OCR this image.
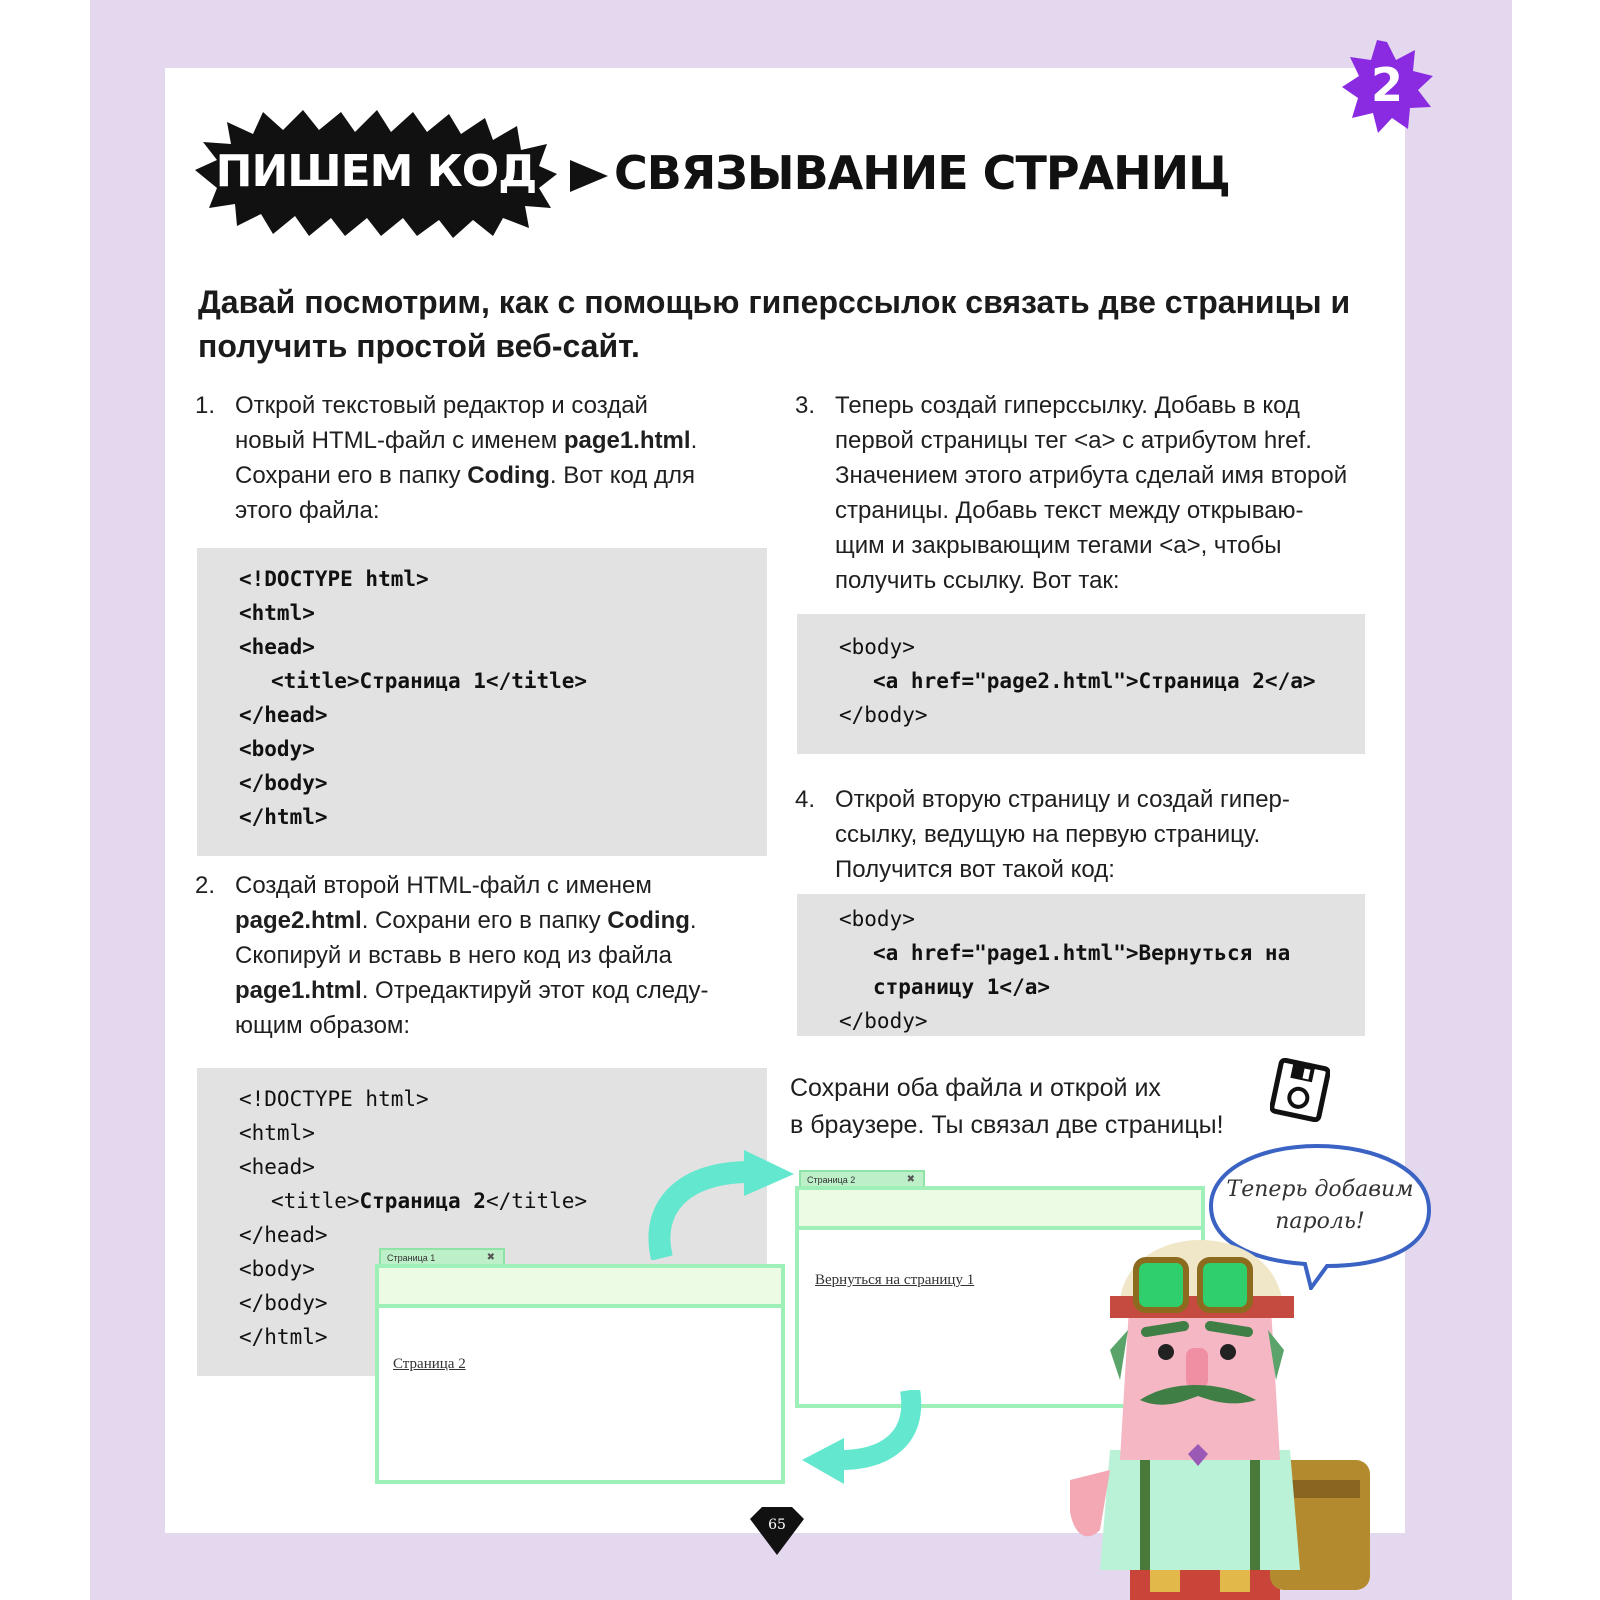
2
ПИШЕМ КОД	СВЯЗЫВАНИЕ СТРАНИЦ
Давай посмотрим, как с помощью гиперссылок связать две страницы и получить простой веб-сайт.
1. Открой текстовый редактор и создай
новый HTML-файл с именем page1.html.
Сохрани его в папку Coding. Вот код для
этого файла:
<!DOCTYPE html>
<html>
<head>
<title>Страница 1</title>
</head>
<body>
</body>
</html>
2. Создай второй HTML-файл с именем
page2.html. Сохрани его в папку Coding.
Скопируй и вставь в него код из файла
page1.html. Отредактируй этот код следу-
ющим образом:
<!DOCTYPE html>
<html>
<head>
<title>Страница 2</title>
</head>
<body>
</body>
</html>
3. Теперь создай гиперссылку. Добавь в код
первой страницы тег <a> с атрибутом href.
Значением этого атрибута сделай имя второй
страницы. Добавь текст между открываю-
щим и закрывающим тегами <a>, чтобы
получить ссылку. Вот так:
<body>
<a href="page2.html">Страница 2</a>
</body>
4. Открой вторую страницу и создай гипер-
ссылку, ведущую на первую страницу.
Получится вот такой код:
<body>
<a href="page1.html">Вернуться на
страницу 1</a>
</body>
Сохрани оба файла и открой их
в браузере. Ты связал две страницы!
Страница 1	✖
Страница 2
Страница 2	✖
Вернуться на страницу 1
Теперь добавим
пароль!
65
